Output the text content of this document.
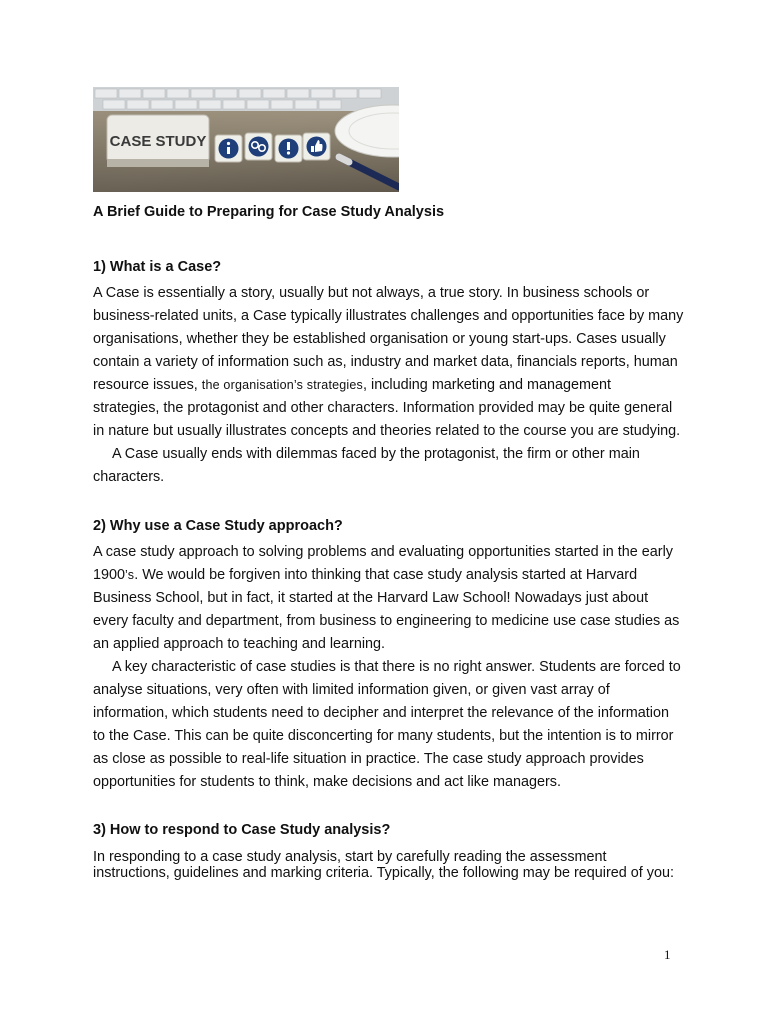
CASE STUDY
A Brief Guide to Preparing for Case Study Analysis
1) What is a Case?

A Case is essentially a story, usually but not always, a true story. In business schools or
business-related units, a Case typically illustrates challenges and opportunities face by many
organisations, whether they be established organisation or young start-ups. Cases usually
contain a variety of information such as, industry and market data, financials reports, human
resource issues, the organisation’s strategies, including marketing and management
strategies, the protagonist and other characters. Information provided may be quite general
in nature but usually illustrates concepts and theories related to the course you are studying.
A Case usually ends with dilemmas faced by the protagonist, the firm or other main
characters.

2) Why use a Case Study approach?

A case study approach to solving problems and evaluating opportunities started in the early
1900’s. We would be forgiven into thinking that case study analysis started at Harvard
Business School, but in fact, it started at the Harvard Law School! Nowadays just about
every faculty and department, from business to engineering to medicine use case studies as
an applied approach to teaching and learning.
A key characteristic of case studies is that there is no right answer. Students are forced to
analyse situations, very often with limited information given, or given vast array of
information, which students need to decipher and interpret the relevance of the information
to the Case. This can be quite disconcerting for many students, but the intention is to mirror
as close as possible to real-life situation in practice. The case study approach provides
opportunities for students to think, make decisions and act like managers.

3) How to respond to Case Study analysis?

In responding to a case study analysis, start by carefully reading the assessment
instructions, guidelines and marking criteria. Typically, the following may be required of you:

1
